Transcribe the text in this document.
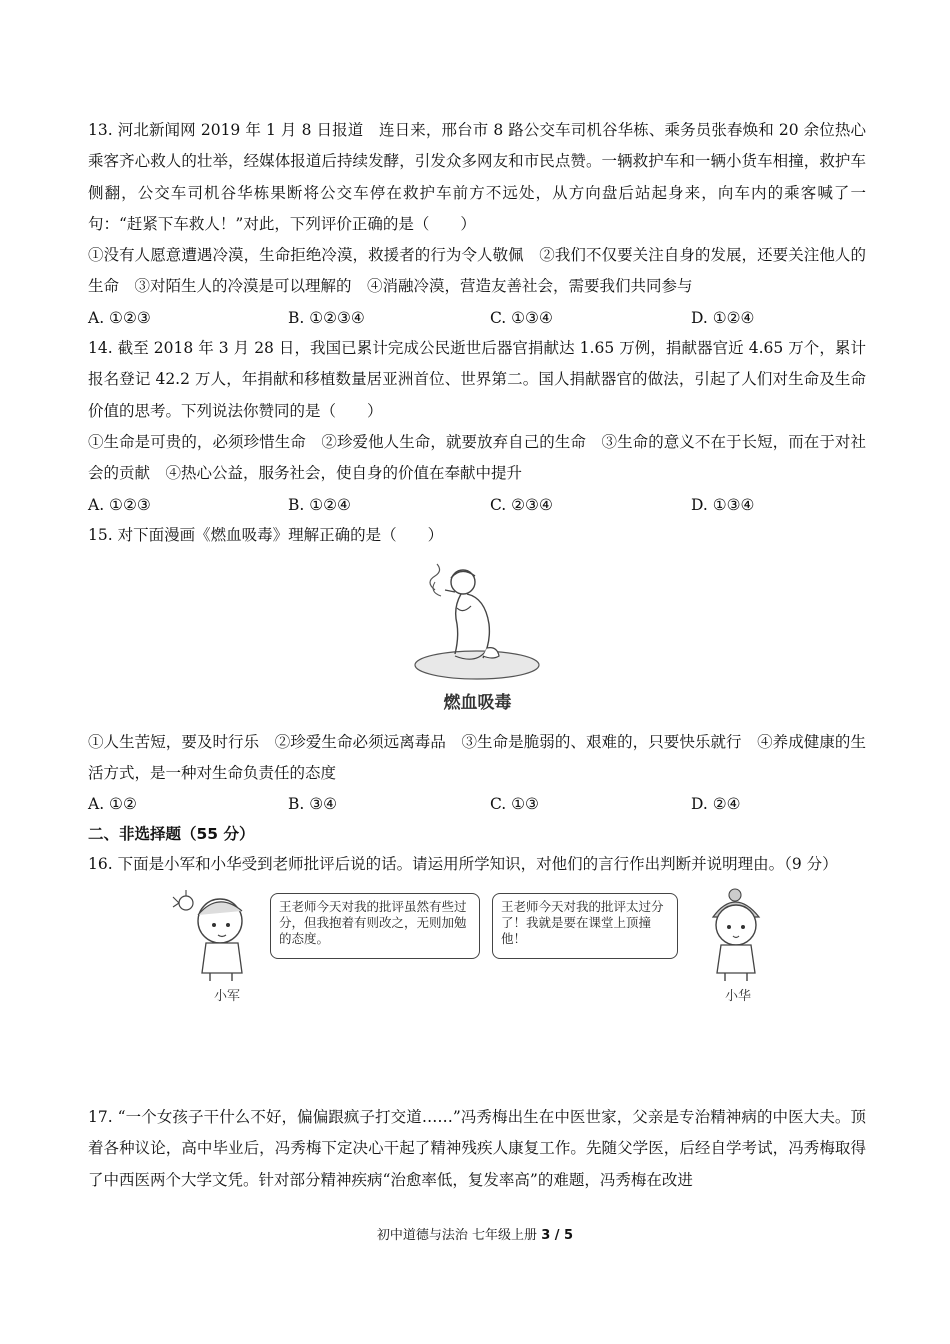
13. 河北新闻网 2019 年 1 月 8 日报道　连日来，邢台市 8 路公交车司机谷华栋、乘务员张春焕和 20 余位热心乘客齐心救人的壮举，经媒体报道后持续发酵，引发众多网友和市民点赞。一辆救护车和一辆小货车相撞，救护车侧翻，公交车司机谷华栋果断将公交车停在救护车前方不远处，从方向盘后站起身来，向车内的乘客喊了一句：“赶紧下车救人！”对此，下列评价正确的是（　　）

①没有人愿意遭遇冷漠，生命拒绝冷漠，救援者的行为令人敬佩　②我们不仅要关注自身的发展，还要关注他人的生命　③对陌生人的冷漠是可以理解的　④消融冷漠，营造友善社会，需要我们共同参与

A. ①②③	B. ①②③④	C. ①③④	D. ①②④

14. 截至 2018 年 3 月 28 日，我国已累计完成公民逝世后器官捐献达 1.65 万例，捐献器官近 4.65 万个，累计报名登记 42.2 万人，年捐献和移植数量居亚洲首位、世界第二。国人捐献器官的做法，引起了人们对生命及生命价值的思考。下列说法你赞同的是（　　）

①生命是可贵的，必须珍惜生命　②珍爱他人生命，就要放弃自己的生命　③生命的意义不在于长短，而在于对社会的贡献　④热心公益，服务社会，使自身的价值在奉献中提升

A. ①②③	B. ①②④	C. ②③④	D. ①③④

15. 对下面漫画《燃血吸毒》理解正确的是（　　）

燃血吸毒

①人生苦短，要及时行乐　②珍爱生命必须远离毒品　③生命是脆弱的、艰难的，只要快乐就行　④养成健康的生活方式，是一种对生命负责任的态度

A. ①②	B. ③④	C. ①③	D. ②④
二、非选择题（55 分）

16. 下面是小军和小华受到老师批评后说的话。请运用所学知识，对他们的言行作出判断并说明理由。（9 分）

小军
王老师今天对我的批评虽然有些过分，但我抱着有则改之，无则加勉的态度。
王老师今天对我的批评太过分了！我就是要在课堂上顶撞他！
小华

17. “一个女孩子干什么不好，偏偏跟疯子打交道……”冯秀梅出生在中医世家，父亲是专治精神病的中医大夫。顶着各种议论，高中毕业后，冯秀梅下定决心干起了精神残疾人康复工作。先随父学医，后经自学考试，冯秀梅取得了中西医两个大学文凭。针对部分精神疾病“治愈率低，复发率高”的难题，冯秀梅在改进

初中道德与法治 七年级上册 3 / 5
